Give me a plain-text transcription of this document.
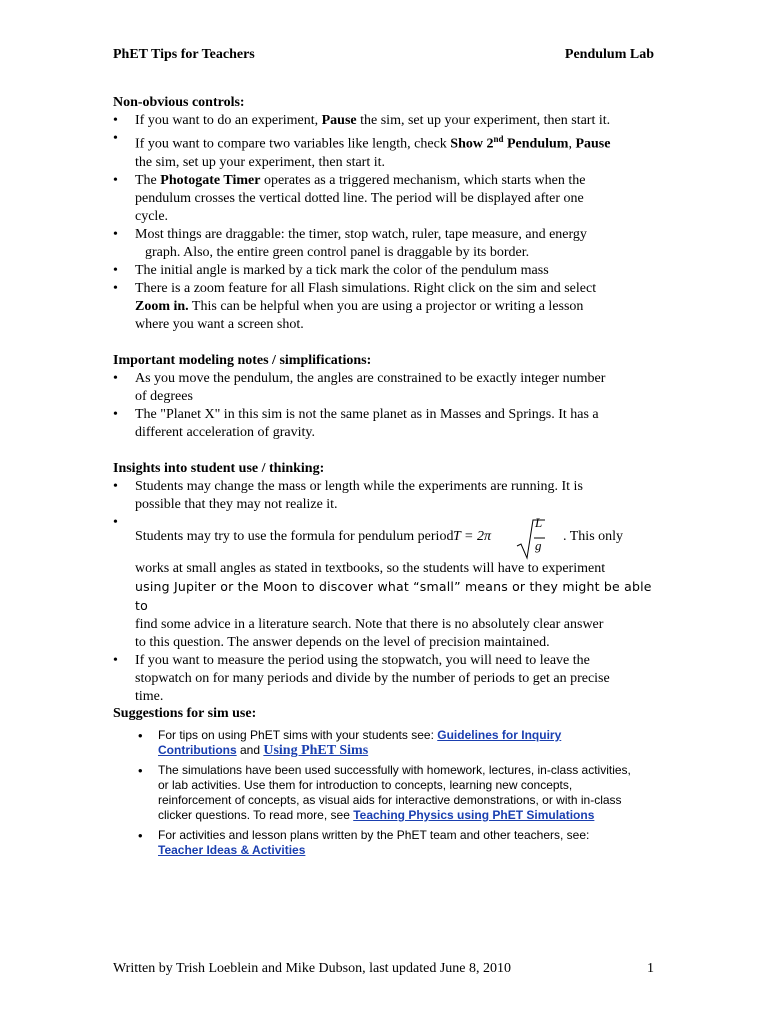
PhET Tips for Teachers	Pendulum Lab

Non-obvious controls:

• If you want to do an experiment, Pause the sim, set up your experiment, then start it.
• If you want to compare two variables like length, check Show 2nd Pendulum, Pause
the sim, set up your experiment, then start it.
• The Photogate Timer operates as a triggered mechanism, which starts when the
pendulum crosses the vertical dotted line. The period will be displayed after one
cycle.
• Most things are draggable: the timer, stop watch, ruler, tape measure, and energy
graph. Also, the entire green control panel is draggable by its border.
• The initial angle is marked by a tick mark the color of the pendulum mass
• There is a zoom feature for all Flash simulations. Right click on the sim and select
Zoom in. This can be helpful when you are using a projector or writing a lesson
where you want a screen shot.

Important modeling notes / simplifications:

• As you move the pendulum, the angles are constrained to be exactly integer number
of degrees
• The "Planet X" in this sim is not the same planet as in Masses and Springs. It has a
different acceleration of gravity.

Insights into student use / thinking:

• Students may change the mass or length while the experiments are running. It is
possible that they may not realize it.
• Students may try to use the formula for pendulum period T = 2π
L
g
. This only
works at small angles as stated in textbooks, so the students will have to experiment
using Jupiter or the Moon to discover what “small” means or they might be able to
find some advice in a literature search. Note that there is no absolutely clear answer
to this question. The answer depends on the level of precision maintained.
• If you want to measure the period using the stopwatch, you will need to leave the
stopwatch on for many periods and divide by the number of periods to get an precise
time.

Suggestions for sim use:

• For tips on using PhET sims with your students see: Guidelines for Inquiry
Contributions and Using PhET Sims
• The simulations have been used successfully with homework, lectures, in-class activities,
or lab activities. Use them for introduction to concepts, learning new concepts,
reinforcement of concepts, as visual aids for interactive demonstrations, or with in-class
clicker questions. To read more, see Teaching Physics using PhET Simulations
• For activities and lesson plans written by the PhET team and other teachers, see:
Teacher Ideas & Activities
Written by Trish Loeblein and Mike Dubson, last updated June 8, 2010	1
